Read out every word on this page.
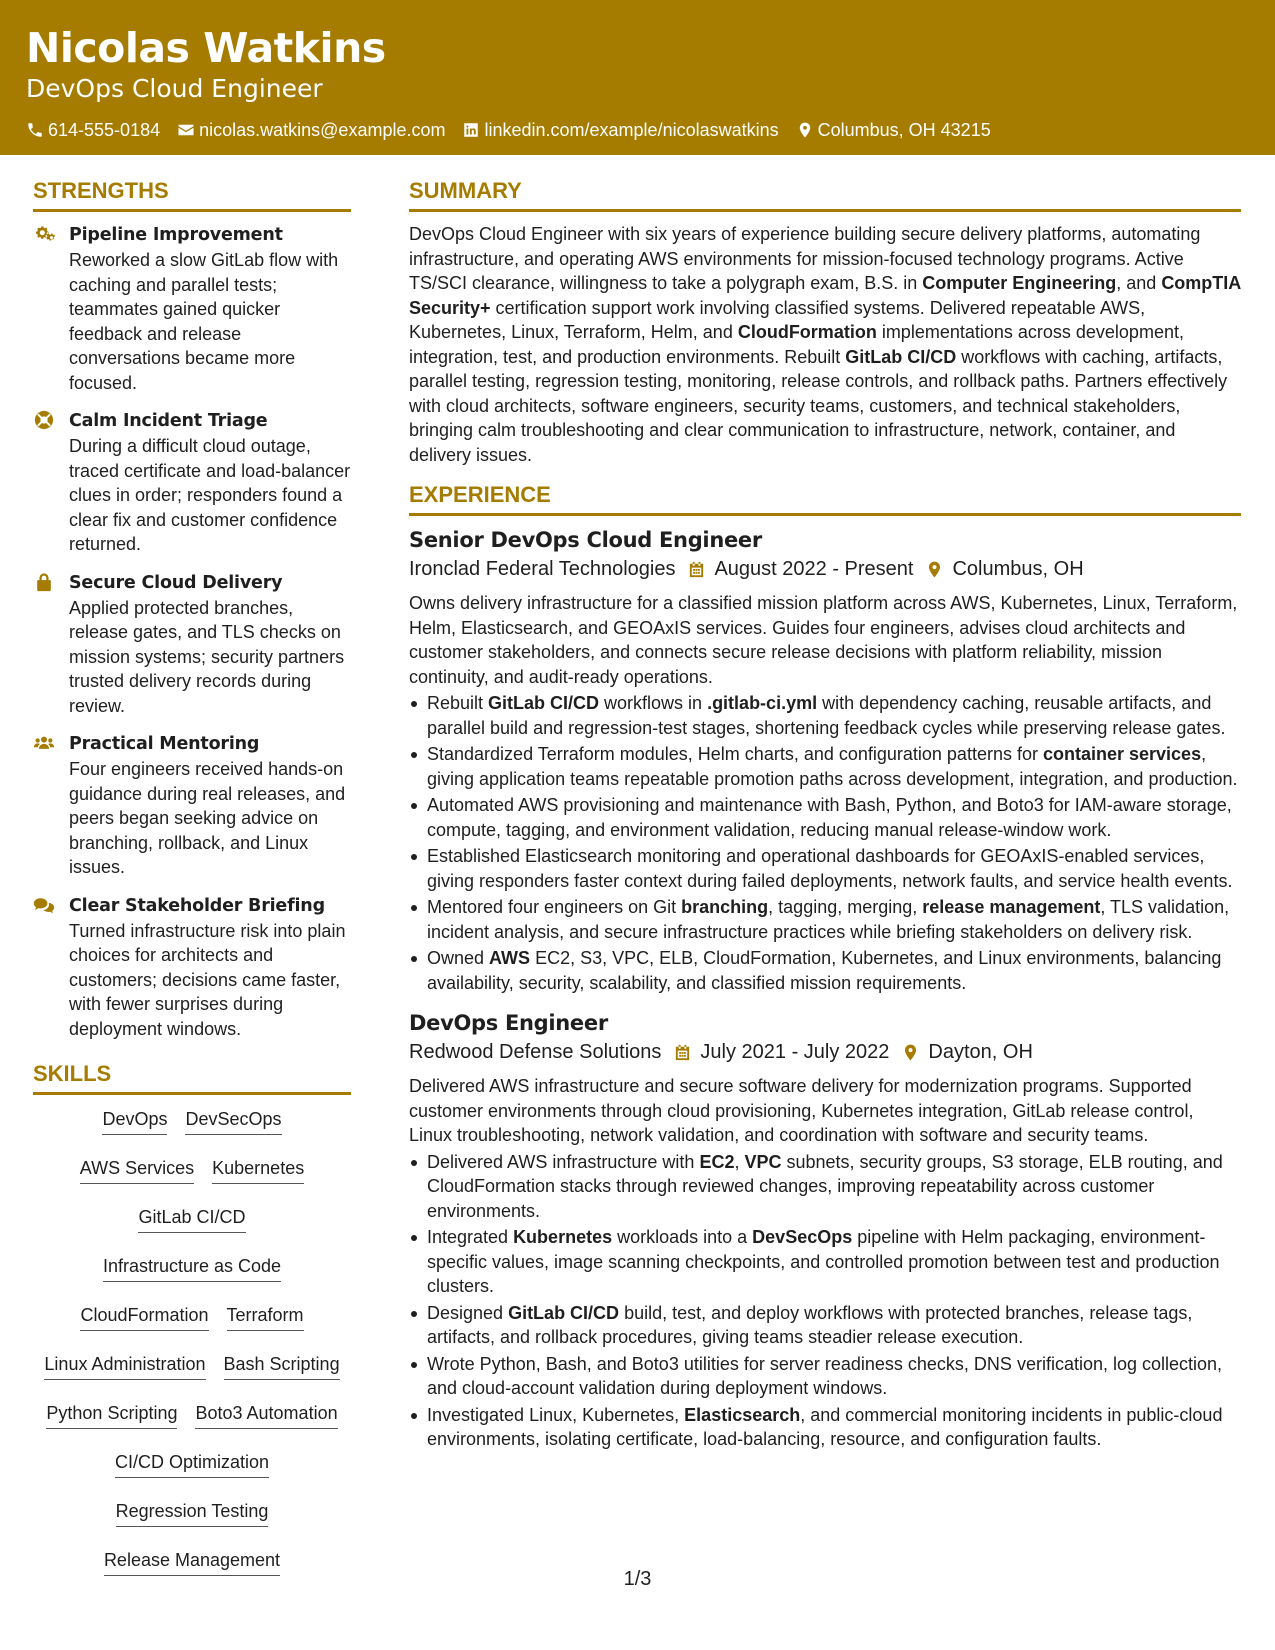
Nicolas Watkins
DevOps Cloud Engineer
614-555-0184 nicolas.watkins@example.com linkedin.com/example/nicolaswatkins Columbus, OH 43215
STRENGTHS
Pipeline Improvement
Reworked a slow GitLab flow with caching and parallel tests; teammates gained quicker feedback and release conversations became more focused.
Calm Incident Triage
During a difficult cloud outage, traced certificate and load-balancer clues in order; responders found a clear fix and customer confidence returned.
Secure Cloud Delivery
Applied protected branches, release gates, and TLS checks on mission systems; security partners trusted delivery records during review.
Practical Mentoring
Four engineers received hands-on guidance during real releases, and peers began seeking advice on branching, rollback, and Linux issues.
Clear Stakeholder Briefing
Turned infrastructure risk into plain choices for architects and customers; decisions came faster, with fewer surprises during deployment windows.
SKILLS
DevOps DevSecOps
AWS Services Kubernetes
GitLab CI/CD
Infrastructure as Code
CloudFormation Terraform
Linux Administration Bash Scripting
Python Scripting Boto3 Automation
CI/CD Optimization
Regression Testing
Release Management
SUMMARY
DevOps Cloud Engineer with six years of experience building secure delivery platforms, automating infrastructure, and operating AWS environments for mission-focused technology programs. Active TS/SCI clearance, willingness to take a polygraph exam, B.S. in Computer Engineering, and CompTIA Security+ certification support work involving classified systems. Delivered repeatable AWS, Kubernetes, Linux, Terraform, Helm, and CloudFormation implementations across development, integration, test, and production environments. Rebuilt GitLab CI/CD workflows with caching, artifacts, parallel testing, regression testing, monitoring, release controls, and rollback paths. Partners effectively with cloud architects, software engineers, security teams, customers, and technical stakeholders, bringing calm troubleshooting and clear communication to infrastructure, network, container, and delivery issues.
EXPERIENCE
Senior DevOps Cloud Engineer
Ironclad Federal Technologies August 2022 - Present Columbus, OH
Owns delivery infrastructure for a classified mission platform across AWS, Kubernetes, Linux, Terraform, Helm, Elasticsearch, and GEOAxIS services. Guides four engineers, advises cloud architects and customer stakeholders, and connects secure release decisions with platform reliability, mission continuity, and audit-ready operations.
Rebuilt GitLab CI/CD workflows in .gitlab-ci.yml with dependency caching, reusable artifacts, and parallel build and regression-test stages, shortening feedback cycles while preserving release gates.
Standardized Terraform modules, Helm charts, and configuration patterns for container services, giving application teams repeatable promotion paths across development, integration, and production.
Automated AWS provisioning and maintenance with Bash, Python, and Boto3 for IAM-aware storage, compute, tagging, and environment validation, reducing manual release-window work.
Established Elasticsearch monitoring and operational dashboards for GEOAxIS-enabled services, giving responders faster context during failed deployments, network faults, and service health events.
Mentored four engineers on Git branching, tagging, merging, release management, TLS validation, incident analysis, and secure infrastructure practices while briefing stakeholders on delivery risk.
Owned AWS EC2, S3, VPC, ELB, CloudFormation, Kubernetes, and Linux environments, balancing availability, security, scalability, and classified mission requirements.
DevOps Engineer
Redwood Defense Solutions July 2021 - July 2022 Dayton, OH
Delivered AWS infrastructure and secure software delivery for modernization programs. Supported customer environments through cloud provisioning, Kubernetes integration, GitLab release control, Linux troubleshooting, network validation, and coordination with software and security teams.
Delivered AWS infrastructure with EC2, VPC subnets, security groups, S3 storage, ELB routing, and CloudFormation stacks through reviewed changes, improving repeatability across customer environments.
Integrated Kubernetes workloads into a DevSecOps pipeline with Helm packaging, environment-specific values, image scanning checkpoints, and controlled promotion between test and production clusters.
Designed GitLab CI/CD build, test, and deploy workflows with protected branches, release tags, artifacts, and rollback procedures, giving teams steadier release execution.
Wrote Python, Bash, and Boto3 utilities for server readiness checks, DNS verification, log collection, and cloud-account validation during deployment windows.
Investigated Linux, Kubernetes, Elasticsearch, and commercial monitoring incidents in public-cloud environments, isolating certificate, load-balancing, resource, and configuration faults.
1/3
